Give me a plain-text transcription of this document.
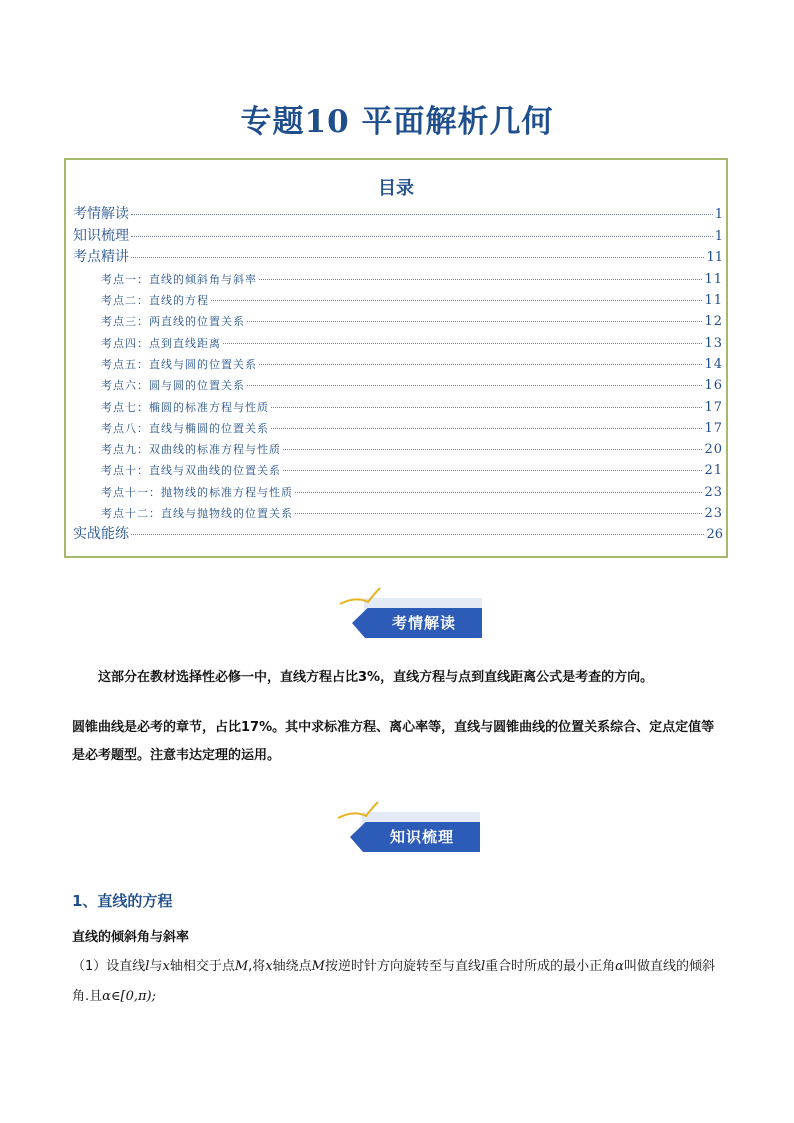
专题10 平面解析几何
目录
考情解读	1
知识梳理	1
考点精讲	11
考点一：直线的倾斜角与斜率	11
考点二：直线的方程	11
考点三：两直线的位置关系	12
考点四：点到直线距离	13
考点五：直线与圆的位置关系	14
考点六：圆与圆的位置关系	16
考点七：椭圆的标准方程与性质	17
考点八：直线与椭圆的位置关系	17
考点九：双曲线的标准方程与性质	20
考点十：直线与双曲线的位置关系	21
考点十一：抛物线的标准方程与性质	23
考点十二：直线与抛物线的位置关系	23
实战能练	26
考情解读
这部分在教材选择性必修一中，直线方程占比3%，直线方程与点到直线距离公式是考查的方向。
圆锥曲线是必考的章节，占比17%。其中求标准方程、离心率等，直线与圆锥曲线的位置关系综合、定点定值等是必考题型。注意韦达定理的运用。
知识梳理
1、直线的方程
直线的倾斜角与斜率
（1）设直线l与x轴相交于点M,将x轴绕点M按逆时针方向旋转至与直线l重合时所成的最小正角α叫做直线的倾斜角.且α∈[0,π);
